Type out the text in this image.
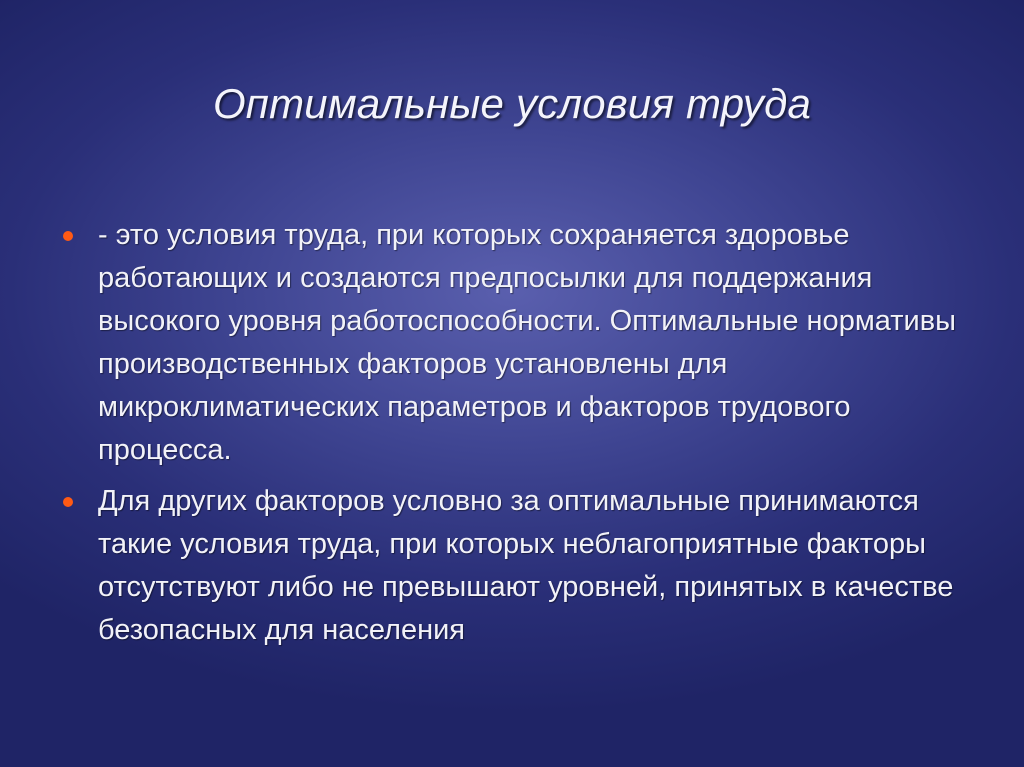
Оптимальные условия труда
- это условия труда, при которых сохраняется здоровье работающих и создаются предпосылки для поддержания высокого уровня работоспособности. Оптимальные нормативы производственных факторов установлены для микроклиматических параметров и факторов трудового процесса.
Для других факторов условно за оптимальные принимаются такие условия труда, при которых неблагоприятные факторы отсутствуют либо не превышают уровней, принятых в качестве безопасных для населения
